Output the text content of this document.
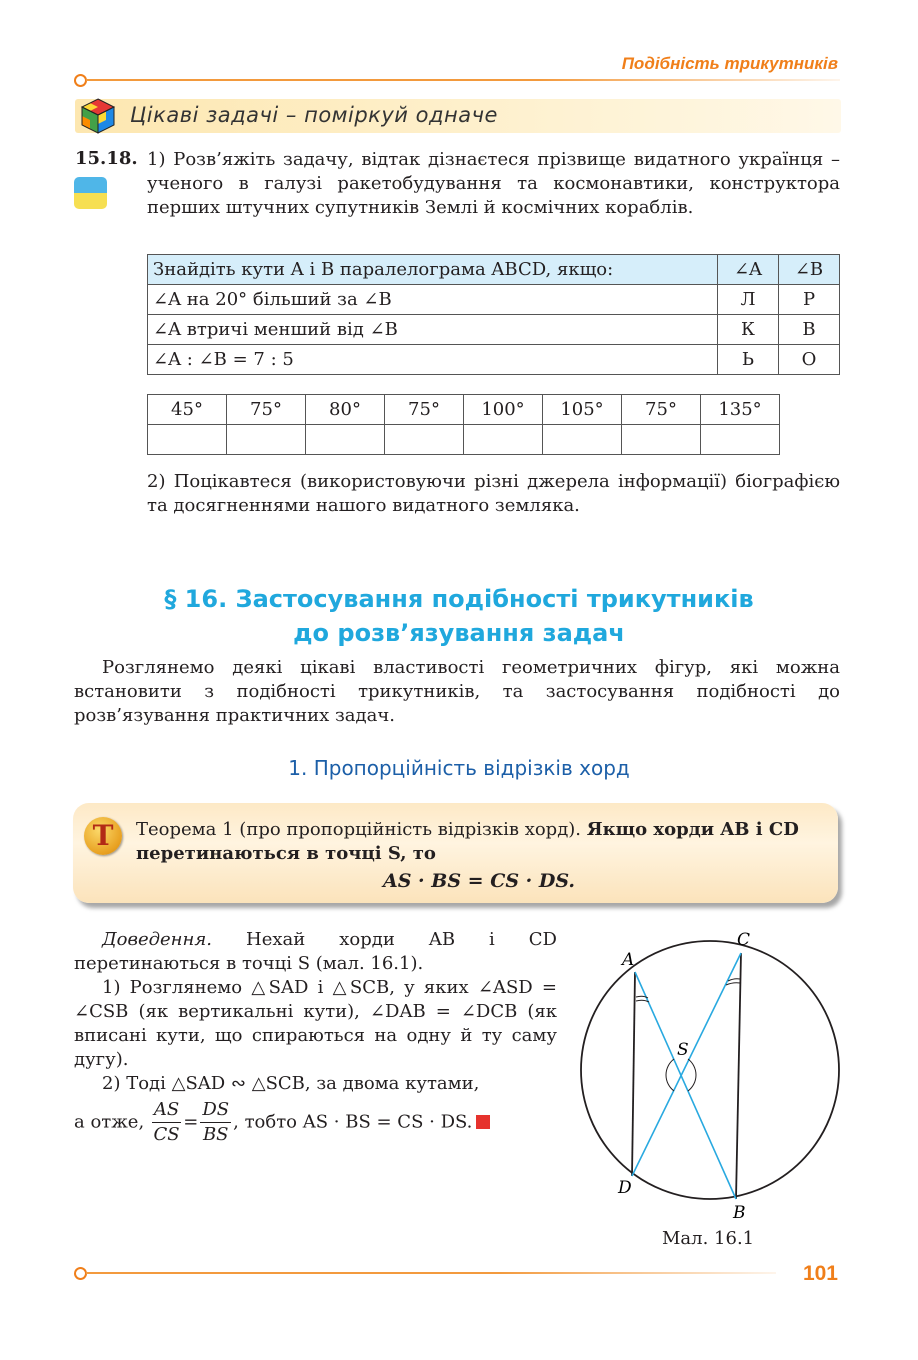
Подібність трикутників
Цікаві задачі – поміркуй одначе
15.18. 1) Розв’яжіть задачу, відтак дізнаєтеся прізвище видатного українця – ученого в галузі ракетобудування та космонавтики, конструктора перших штучних супутників Землі й космічних кораблів.
Знайдіть кути A і B паралелограма ABCD, якщо:	∠A	∠B
∠A на 20° більший за ∠B	Л	Р
∠A втричі менший від ∠B	К	В
∠A : ∠B = 7 : 5	Ь	О
45°	75°	80°	75°	100°	105°	75°	135°

2) Поцікавтеся (використовуючи різні джерела інформації) біографією та досягненнями нашого видатного земляка.
§ 16. Застосування подібності трикутників
до розв’язування задач
Розглянемо деякі цікаві властивості геометричних фігур, які можна встановити з подібності трикутників, та застосування подібності до розв’язування практичних задач.
1. Пропорційність відрізків хорд
Т	Теорема 1 (про пропорційність відрізків хорд). Якщо хорди AB і CD перетинаються в точці S, то
AS · BS = CS · DS.
Доведення. Нехай хорди AB і CD перетинаються в точці S (мал. 16.1).
1) Розглянемо △SAD і △SCB, у яких ∠ASD = ∠CSB (як вертикальні кути), ∠DAB = ∠DCB (як вписані кути, що спираються на одну й ту саму дугу).
2) Тоді △SAD ∾ △SCB, за двома кутами,
а отже, $\frac{AS}{CS} = \frac{DS}{BS}$ , тобто AS · BS = CS · DS.
A
C
S
D
B
Мал. 16.1
101
